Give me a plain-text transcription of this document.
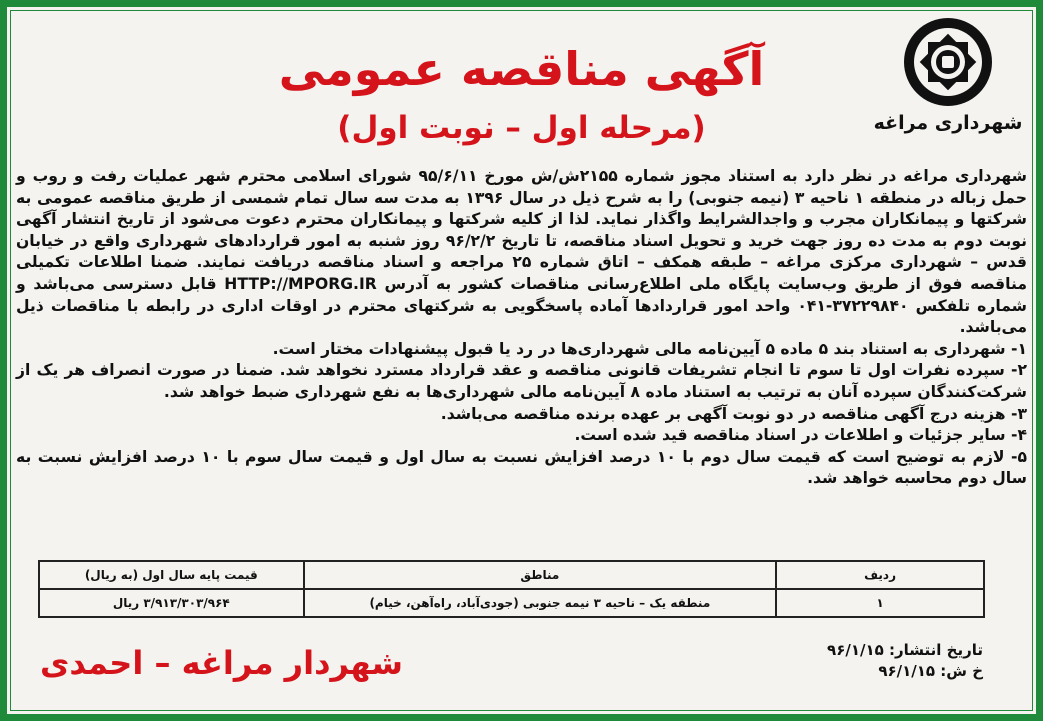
شهرداری مراغه
آگهی مناقصه عمومی
(مرحله اول – نوبت اول)

شهرداری مراغه در نظر دارد به استناد مجوز شماره ۲۱۵۵ش/ش مورخ ۹۵/۶/۱۱ شورای اسلامی محترم شهر عملیات رفت و روب و حمل زباله در منطقه ۱ ناحیه ۳ (نیمه جنوبی) را به شرح ذیل در سال ۱۳۹۶ به مدت سه سال تمام شمسی از طریق مناقصه عمومی به شرکتها و پیمانکاران مجرب و واجدالشرایط واگذار نماید. لذا از کلیه شرکتها و پیمانکاران محترم دعوت می‌شود از تاریخ انتشار آگهی نوبت دوم به مدت ده روز جهت خرید و تحویل اسناد مناقصه، تا تاریخ ۹۶/۲/۲ روز شنبه به امور قراردادهای شهرداری واقع در خیابان قدس – شهرداری مرکزی مراغه – طبقه همکف – اتاق شماره ۲۵ مراجعه و اسناد مناقصه دریافت نمایند. ضمنا اطلاعات تکمیلی مناقصه فوق از طریق وب‌سایت پایگاه ملی اطلاع‌رسانی مناقصات کشور به آدرس HTTP://MPORG.IR قابل دسترسی می‌باشد و شماره تلفکس ۳۷۲۲۹۸۴۰-۰۴۱ واحد امور قراردادها آماده پاسخگویی به شرکتهای محترم در اوقات اداری در رابطه با مناقصات ذیل می‌باشد.

۱- شهرداری به استناد بند ۵ ماده ۵ آیین‌نامه مالی شهرداری‌ها در رد یا قبول پیشنهادات مختار است.
۲- سپرده نفرات اول تا سوم تا انجام تشریفات قانونی مناقصه و عقد قرارداد مسترد نخواهد شد. ضمنا در صورت انصراف هر یک از شرکت‌کنندگان سپرده آنان به ترتیب به استناد ماده ۸ آیین‌نامه مالی شهرداری‌ها به نفع شهرداری ضبط خواهد شد.
۳- هزینه درج آگهی مناقصه در دو نوبت آگهی بر عهده برنده مناقصه می‌باشد.
۴- سایر جزئیات و اطلاعات در اسناد مناقصه قید شده است.
۵- لازم به توضیح است که قیمت سال دوم با ۱۰ درصد افزایش نسبت به سال اول و قیمت سال سوم با ۱۰ درصد افزایش نسبت به سال دوم محاسبه خواهد شد.
ردیف	مناطق	قیمت پایه سال اول (به ریال)
۱	منطقه یک – ناحیه ۳ نیمه جنوبی (جودی‌آباد، راه‌آهن، خیام)	۳/۹۱۳/۳۰۳/۹۶۴ ریال
تاریخ انتشار: ۹۶/۱/۱۵
خ ش: ۹۶/۱/۱۵
شهردار مراغه – احمدی
